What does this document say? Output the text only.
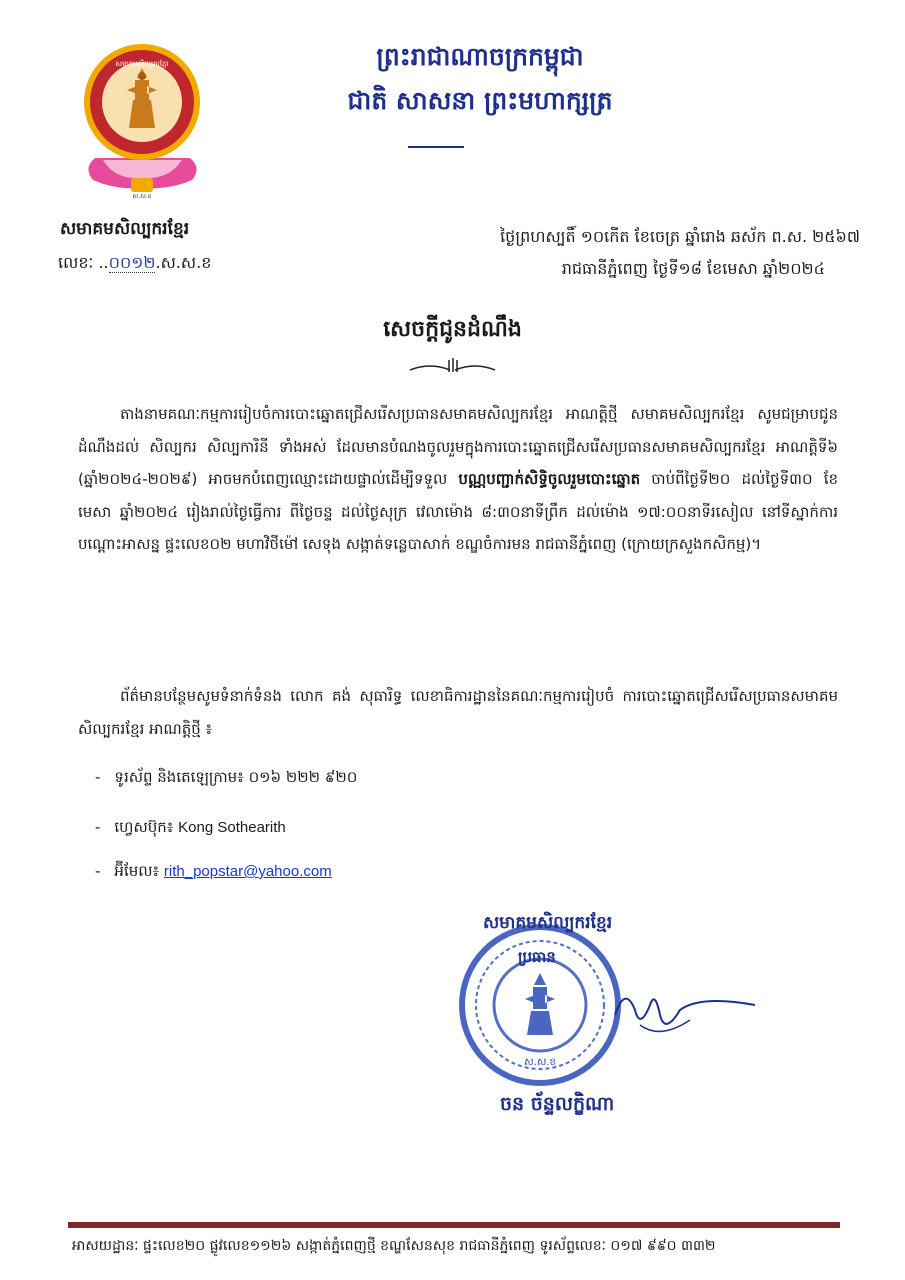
សមាគមសិល្បករខ្មែរ
ស.ស.ខ
ព្រះរាជាណាចក្រកម្ពុជា
ជាតិ សាសនា ព្រះមហាក្សត្រ
សមាគមសិល្បករខ្មែរ
លេខៈ ..០០១២.ស.ស.ខ
ថ្ងៃព្រហស្បតិ៍ ១០កើត ខែចេត្រ ឆ្នាំរោង ឆស័ក ព.ស. ២៥៦៧
រាជធានីភ្នំពេញ ថ្ងៃទី១៨ ខែមេសា ឆ្នាំ២០២៤
សេចក្ដីជូនដំណឹង
តាងនាមគណៈកម្មការរៀបចំការបោះឆ្នោតជ្រើសរើសប្រធានសមាគមសិល្បករខ្មែរ អាណត្តិថ្មី សមាគមសិល្បករខ្មែរ សូមជម្រាបជូនដំណឹងដល់ សិល្បករ សិល្បការិនី ទាំងអស់ ដែលមានបំណងចូលរួមក្នុងការបោះឆ្នោតជ្រើសរើសប្រធានសមាគមសិល្បករខ្មែរ អាណត្តិទី៦ (ឆ្នាំ២០២៤-២០២៩) អាចមកបំពេញឈ្មោះដោយផ្ទាល់ដើម្បីទទួល បណ្ណបញ្ជាក់សិទ្ធិចូលរួមបោះឆ្នោត ចាប់ពីថ្ងៃទី២០ ដល់ថ្ងៃទី៣០ ខែមេសា ឆ្នាំ២០២៤ រៀងរាល់ថ្ងៃធ្វើការ ពីថ្ងៃចន្ទ ដល់ថ្ងៃសុក្រ វេលាម៉ោង ៨:៣០នាទីព្រឹក ដល់ម៉ោង ១៧:០០នាទីរសៀល នៅទីស្នាក់ការបណ្ដោះអាសន្ន ផ្ទះលេខ០២ មហាវិថីម៉ៅ សេទុង សង្កាត់ទន្លេបាសាក់ ខណ្ឌចំការមន រាជធានីភ្នំពេញ (ក្រោយក្រសួងកសិកម្ម)។
ព័ត៌មានបន្ថែមសូមទំនាក់ទំនង លោក គង់ សុធារិទ្ធ លេខាធិការដ្ឋាននៃគណៈកម្មការរៀបចំ ការបោះឆ្នោតជ្រើសរើសប្រធានសមាគមសិល្បករខ្មែរ អាណត្តិថ្មី ៖
- ទូរស័ព្ទ និងតេឡេក្រាម៖ ០១៦ ២២២ ៩២០
- ហ្វេសប៊ុក៖ Kong Sothearith
- អ៊ីមែល៖ rith_popstar@yahoo.com
ស.ស.ខ
សមាគមសិល្បករខ្មែរ
ប្រធាន
ចន ច័ន្ទលក្ខិណា
អាសយដ្ឋានៈ ផ្ទះលេខ២០ ផ្លូវលេខ១១២៦ សង្កាត់ភ្នំពេញថ្មី ខណ្ឌសែនសុខ រាជធានីភ្នំពេញ ទូរស័ព្ទលេខៈ ០១៧ ៩៩០ ៣៣២
